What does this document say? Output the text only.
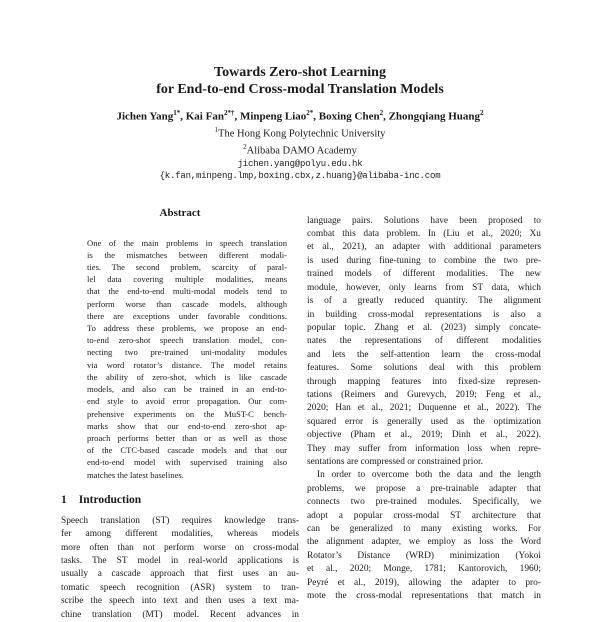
Towards Zero-shot Learning
for End-to-end Cross-modal Translation Models
Jichen Yang$^{1*}$, Kai Fan$^{2*\dagger}$, Minpeng Liao$^{2*}$, Boxing Chen$^2$, Zhongqiang Huang$^2$
$^1$The Hong Kong Polytechnic University
$^2$Alibaba DAMO Academy
jichen.yang@polyu.edu.hk
{k.fan,minpeng.lmp,boxing.cbx,z.huang}@alibaba-inc.com
Abstract
One of the main problems in speech translation
is the mismatches between different modali-
ties. The second problem, scarcity of paral-
lel data covering multiple modalities, means
that the end-to-end multi-modal models tend to
perform worse than cascade models, although
there are exceptions under favorable conditions.
To address these problems, we propose an end-
to-end zero-shot speech translation model, con-
necting two pre-trained uni-modality modules
via word rotator’s distance. The model retains
the ability of zero-shot, which is like cascade
models, and also can be trained in an end-to-
end style to avoid error propagation. Our com-
prehensive experiments on the MuST-C bench-
marks show that our end-to-end zero-shot ap-
proach performs better than or as well as those
of the CTC-based cascade models and that our
end-to-end model with supervised training also
matches the latest baselines.
1 Introduction
Speech translation (ST) requires knowledge trans-
fer among different modalities, whereas models
more often than not perform worse on cross-modal
tasks. The ST model in real-world applications is
usually a cascade approach that first uses an au-
tomatic speech recognition (ASR) system to tran-
scribe the speech into text and then uses a text ma-
chine translation (MT) model. Recent advances in
language pairs. Solutions have been proposed to
combat this data problem. In (Liu et al., 2020; Xu
et al., 2021), an adapter with additional parameters
is used during fine-tuning to combine the two pre-
trained models of different modalities. The new
module, however, only learns from ST data, which
is of a greatly reduced quantity. The alignment
in building cross-modal representations is also a
popular topic. Zhang et al. (2023) simply concate-
nates the representations of different modalities
and lets the self-attention learn the cross-modal
features. Some solutions deal with this problem
through mapping features into fixed-size represen-
tations (Reimers and Gurevych, 2019; Feng et al.,
2020; Han et al., 2021; Duquenne et al., 2022). The
squared error is generally used as the optimization
objective (Pham et al., 2019; Dinh et al., 2022).
They may suffer from information loss when repre-
sentations are compressed or constrained prior.
In order to overcome both the data and the length
problems, we propose a pre-trainable adapter that
connects two pre-trained modules. Specifically, we
adopt a popular cross-modal ST architecture that
can be generalized to many existing works. For
the alignment adapter, we employ as loss the Word
Rotator’s Distance (WRD) minimization (Yokoi
et al., 2020; Monge, 1781; Kantorovich, 1960;
Peyré et al., 2019), allowing the adapter to pro-
mote the cross-modal representations that match in
